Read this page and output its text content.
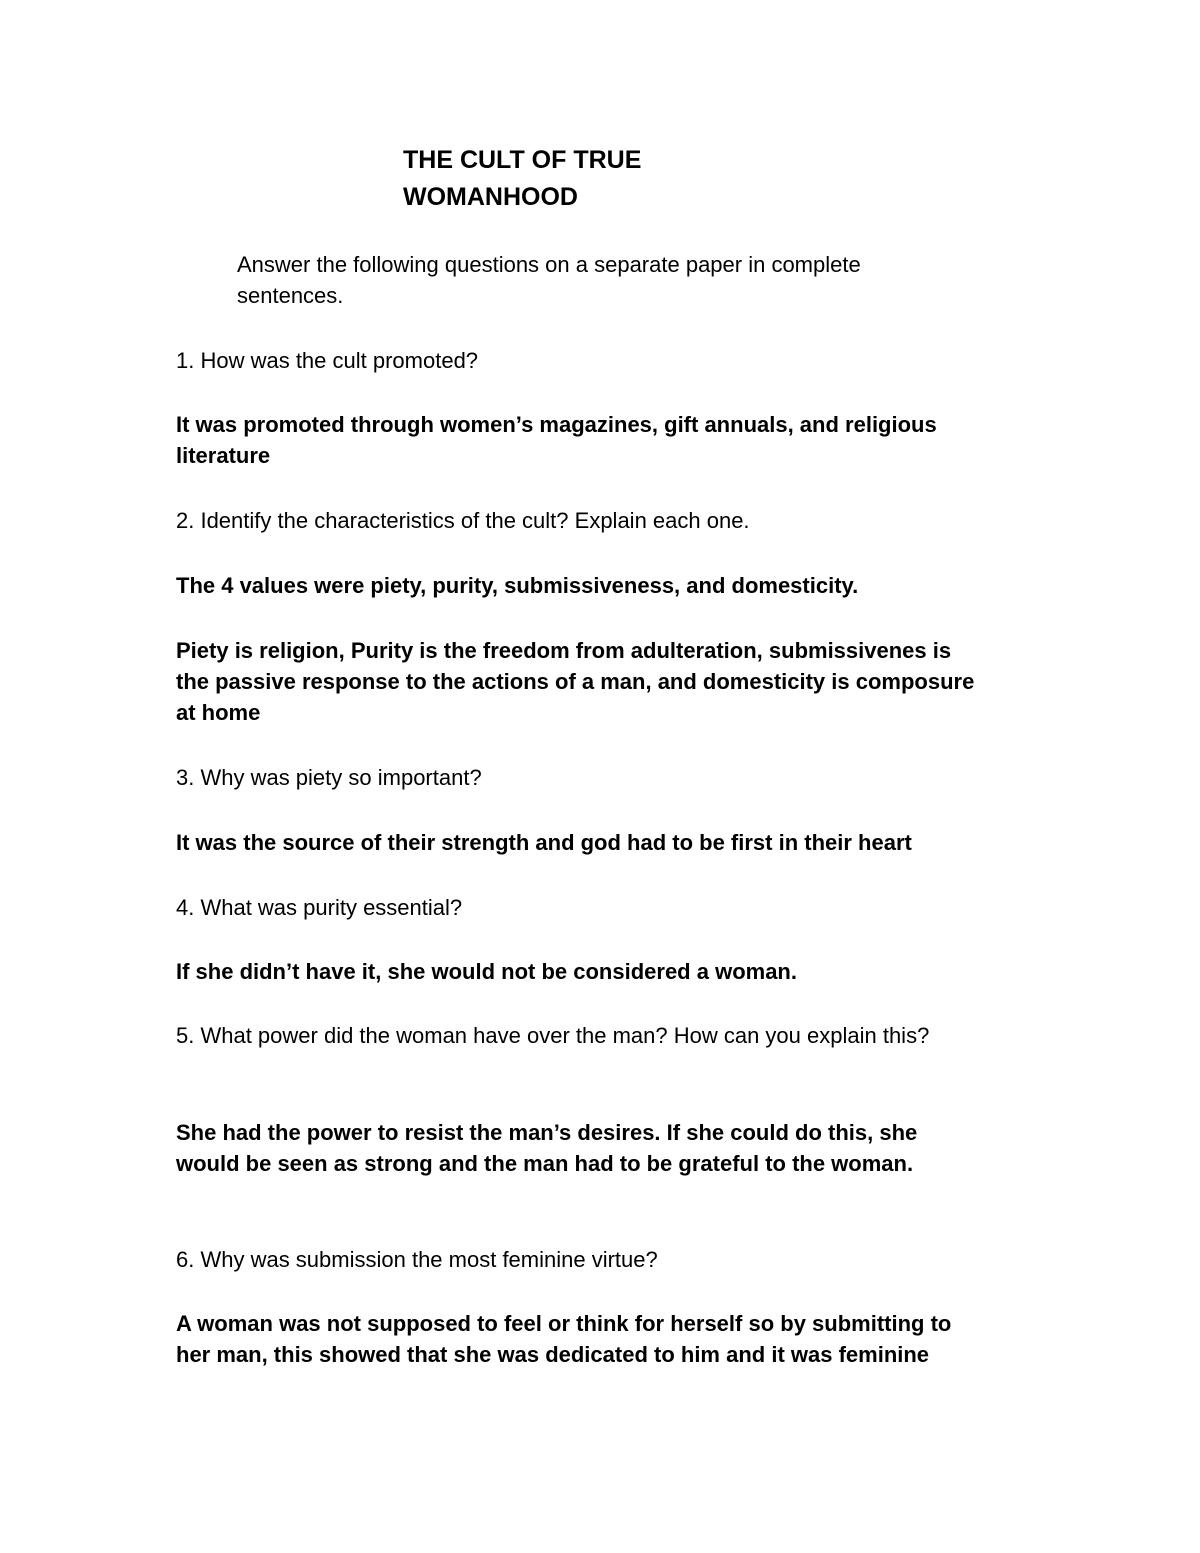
THE CULT OF TRUE
WOMANHOOD

Answer the following questions on a separate paper in complete sentences.

1. How was the cult promoted?

It was promoted through women’s magazines, gift annuals, and religious literature

2. Identify the characteristics of the cult? Explain each one.

The 4 values were piety, purity, submissiveness, and domesticity.

Piety is religion, Purity is the freedom from adulteration, submissivenes is the passive response to the actions of a man, and domesticity is composure at home

3. Why was piety so important?

It was the source of their strength and god had to be first in their heart

4. What was purity essential?

If she didn’t have it, she would not be considered a woman.

5. What power did the woman have over the man? How can you explain this?

She had the power to resist the man’s desires. If she could do this, she would be seen as strong and the man had to be grateful to the woman.

6. Why was submission the most feminine virtue?

A woman was not supposed to feel or think for herself so by submitting to her man, this showed that she was dedicated to him and it was feminine
